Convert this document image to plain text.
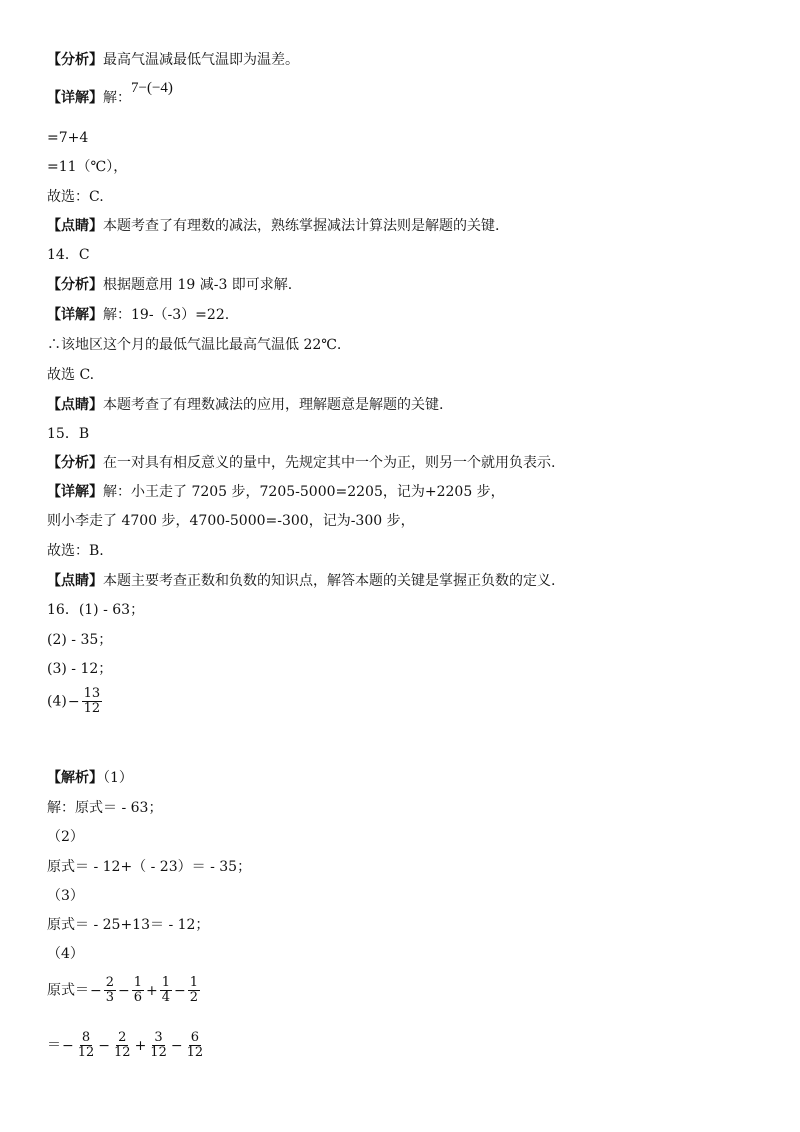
【分析】最高气温减最低气温即为温差。
【详解】解：7−(−4)
=7+4
=11（℃），
故选：C.
【点睛】本题考查了有理数的减法，熟练掌握减法计算法则是解题的关键.
14．C
【分析】根据题意用 19 减-3 即可求解.
【详解】解：19-（-3）=22.
∴该地区这个月的最低气温比最高气温低 22℃.
故选 C.
【点睛】本题考查了有理数减法的应用，理解题意是解题的关键.
15．B
【分析】在一对具有相反意义的量中，先规定其中一个为正，则另一个就用负表示.
【详解】解：小王走了 7205 步，7205-5000=2205，记为+2205 步，
则小李走了 4700 步，4700-5000=-300，记为-300 步，
故选：B.
【点睛】本题主要考查正数和负数的知识点，解答本题的关键是掌握正负数的定义.
16．(1) - 63；
(2) - 35；
(3) - 12；
$(4)- \frac{13}{12}$
【解析】（1）
解：原式＝ - 63；
（2）
原式＝ - 12+（ - 23）＝ - 35；
（3）
原式＝ - 25+13＝ - 12；
（4）
原式＝− $\frac{2}{3} - \frac{1}{6} + \frac{1}{4} - \frac{1}{2}$
＝− $\frac{8}{12} - \frac{2}{12} + \frac{3}{12} - \frac{6}{12}$
